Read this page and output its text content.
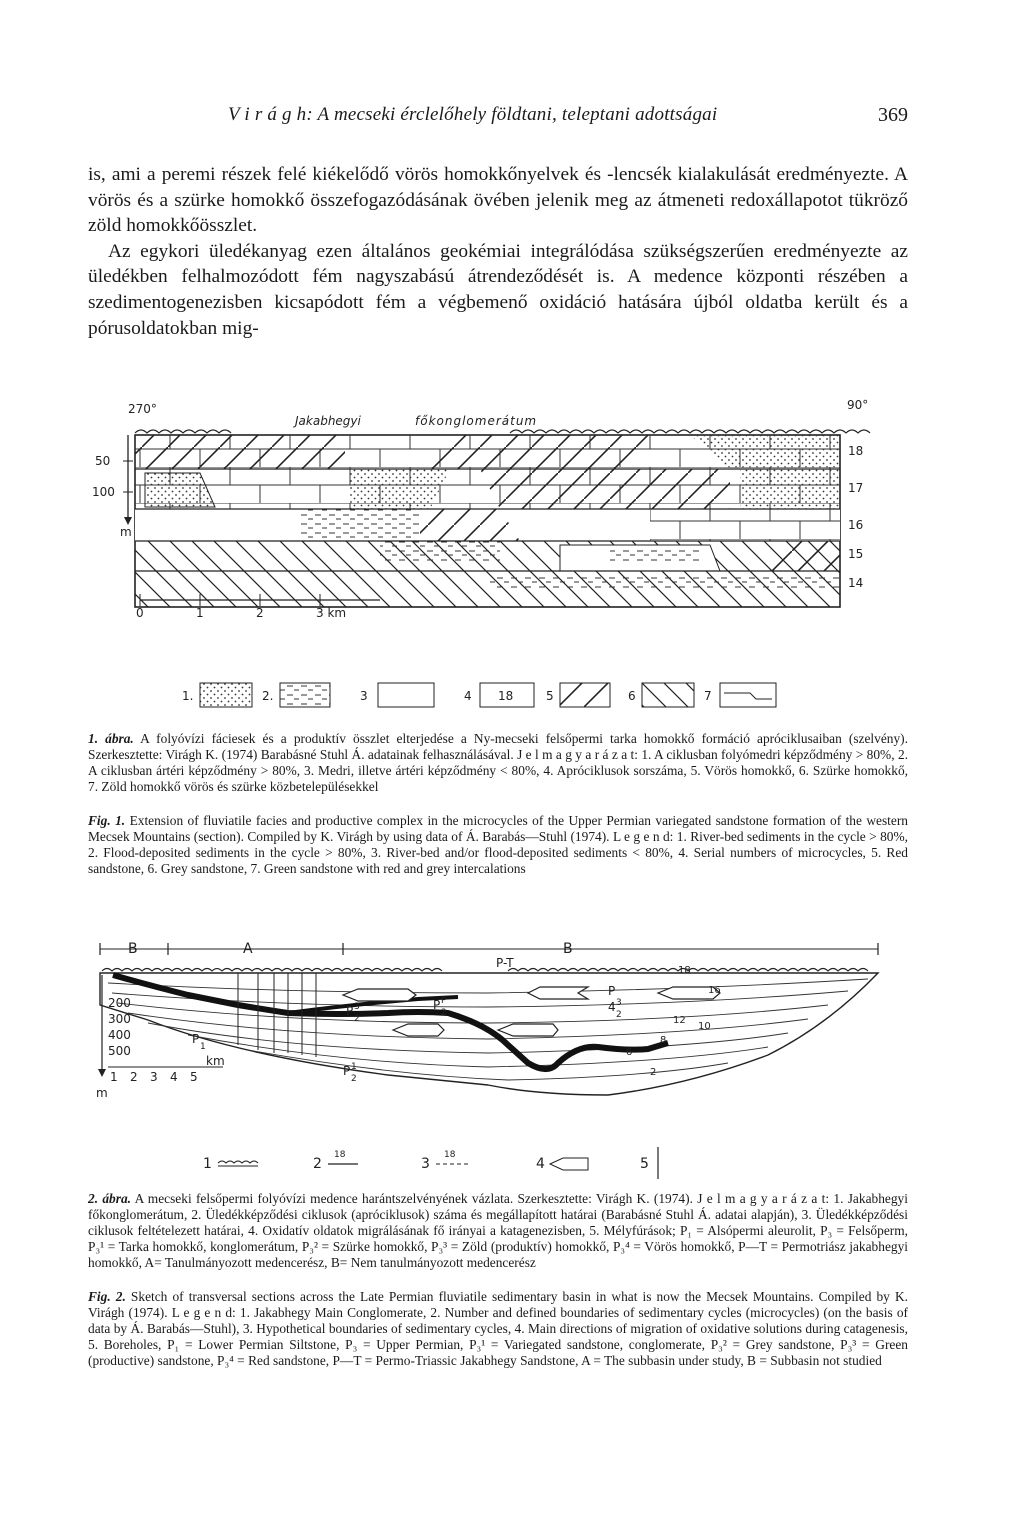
V i r á g h: A mecseki érclelőhely földtani, teleptani adottságai	369

is, ami a peremi részek felé kiékelődő vörös homokkőnyelvek és -lencsék kialakulását eredményezte. A vörös és a szürke homokkő összefogazódásának övében jelenik meg az átmeneti redoxállapotot tükröző zöld homokkőösszlet.

Az egykori üledékanyag ezen általános geokémiai integrálódása szükségszerűen eredményezte az üledékben felhalmozódott fém nagyszabású átrendeződését is. A medence központi részében a szedimentogenezisben kicsapódott fém a végbemenő oxidáció hatására újból oldatba került és a pórusoldatokban mig-

270°	90°
Jakabhegyi	főkonglomerátum
50
100
m
18
17
16
15
14
0	1	2	3 km
1.	2.	3	4 18	5	6	7
1. ábra. A folyóvízi fáciesek és a produktív összlet elterjedése a Ny-mecseki felsőpermi tarka homokkő formáció apróciklusaiban (szelvény). Szerkesztette: Virágh K. (1974) Barabásné Stuhl Á. adatainak felhasználásával. J e l m a g y a r á z a t: 1. A ciklusban folyómedri képződmény > 80%, 2. A ciklusban ártéri képződmény > 80%, 3. Medri, illetve ártéri képződmény < 80%, 4. Apróciklusok sorszáma, 5. Vörös homokkő, 6. Szürke homokkő, 7. Zöld homokkő vörös és szürke közbetelepülésekkel
Fig. 1. Extension of fluviatile facies and productive complex in the microcycles of the Upper Permian variegated sandstone formation of the western Mecsek Mountains (section). Compiled by K. Virágh by using data of Á. Barabás—Stuhl (1974). L e g e n d: 1. River-bed sediments in the cycle > 80%, 2. Flood-deposited sediments in the cycle > 80%, 3. River-bed and/or flood-deposited sediments < 80%, 4. Serial numbers of microcycles, 5. Red sandstone, 6. Grey sandstone, 7. Green sandstone with red and grey intercalations
B	A
P-T
B
200
300
400
500
m
1 2 3 4 5
km
P
1
P P
2
P 3
2
P 1
2
4 3
2
P
18
16
12
10
8
6
2
1	2
18
3
18
4	5
2. ábra. A mecseki felsőpermi folyóvízi medence harántszelvényének vázlata. Szerkesztette: Virágh K. (1974). J e l m a g y a r á z a t: 1. Jakabhegyi főkonglomerátum, 2. Üledékképződési ciklusok (apróciklusok) száma és megállapított határai (Barabásné Stuhl Á. adatai alapján), 3. Üledékképződési ciklusok feltételezett határai, 4. Oxidatív oldatok migrálásának fő irányai a katagenezisben, 5. Mélyfúrások; P₁ = Alsópermi aleurolit, P₃ = Felsőperm, P₃¹ = Tarka homokkő, konglomerátum, P₃² = Szürke homokkő, P₃³ = Zöld (produktív) homokkő, P₃⁴ = Vörös homokkő, P—T = Permotriász jakabhegyi homokkő, A= Tanulmányozott medencerész, B= Nem tanulmányozott medencerész
Fig. 2. Sketch of transversal sections across the Late Permian fluviatile sedimentary basin in what is now the Mecsek Mountains. Compiled by K. Virágh (1974). L e g e n d: 1. Jakabhegy Main Conglomerate, 2. Number and defined boundaries of sedimentary cycles (microcycles) (on the basis of data by Á. Barabás—Stuhl), 3. Hypothetical boundaries of sedimentary cycles, 4. Main directions of migration of oxidative solutions during catagenesis, 5. Boreholes, P₁ = Lower Permian Siltstone, P₃ = Upper Permian, P₃¹ = Variegated sandstone, conglomerate, P₃² = Grey sandstone, P₃³ = Green (productive) sandstone, P₃⁴ = Red sandstone, P—T = Permo-Triassic Jakabhegy Sandstone, A = The subbasin under study, B = Subbasin not studied
